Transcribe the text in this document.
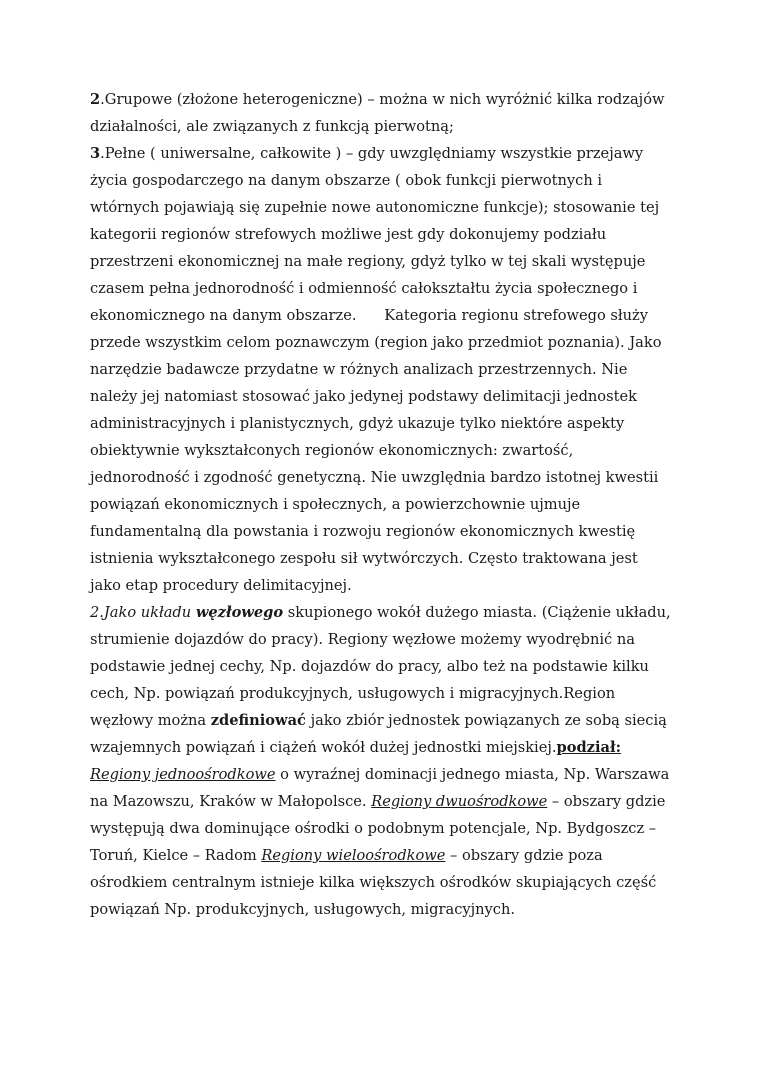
2.Grupowe (złożone heterogeniczne) – można w nich wyróżnić kilka rodzajów działalności, ale związanych z funkcją pierwotną;

3.Pełne ( uniwersalne, całkowite ) – gdy uwzględniamy wszystkie przejawy życia gospodarczego na danym obszarze ( obok funkcji pierwotnych i wtórnych pojawiają się zupełnie nowe autonomiczne funkcje); stosowanie tej kategorii regionów strefowych możliwe jest gdy dokonujemy podziału przestrzeni ekonomicznej na małe regiony, gdyż tylko w tej skali występuje czasem pełna jednorodność i odmienność całokształtu życia społecznego i ekonomicznego na danym obszarze.      Kategoria regionu strefowego służy przede wszystkim celom poznawczym (region jako przedmiot poznania). Jako narzędzie badawcze przydatne w różnych analizach przestrzennych. Nie należy jej natomiast stosować jako jedynej podstawy delimitacji jednostek administracyjnych i planistycznych, gdyż ukazuje tylko niektóre aspekty obiektywnie wykształconych regionów ekonomicznych: zwartość, jednorodność i zgodność genetyczną. Nie uwzględnia bardzo istotnej kwestii powiązań ekonomicznych i społecznych, a powierzchownie ujmuje fundamentalną dla powstania i rozwoju regionów ekonomicznych kwestię istnienia wykształconego zespołu sił wytwórczych. Często traktowana jest jako etap procedury delimitacyjnej.

2.Jako układu węzłowego skupionego wokół dużego miasta. (Ciążenie układu, strumienie dojazdów do pracy). Regiony węzłowe możemy wyodrębnić na podstawie jednej cechy, Np. dojazdów do pracy, albo też na podstawie kilku cech, Np. powiązań produkcyjnych, usługowych i migracyjnych.Region węzłowy można zdefiniować jako zbiór jednostek powiązanych ze sobą siecią wzajemnych powiązań i ciążeń wokół dużej jednostki miejskiej.podział: Regiony jednoośrodkowe o wyraźnej dominacji jednego miasta, Np. Warszawa na Mazowszu, Kraków w Małopolsce. Regiony dwuośrodkowe – obszary gdzie występują dwa dominujące ośrodki o podobnym potencjale, Np. Bydgoszcz –Toruń, Kielce – Radom Regiony wieloośrodkowe – obszary gdzie poza ośrodkiem centralnym istnieje kilka większych ośrodków skupiających część powiązań Np. produkcyjnych, usługowych, migracyjnych.
